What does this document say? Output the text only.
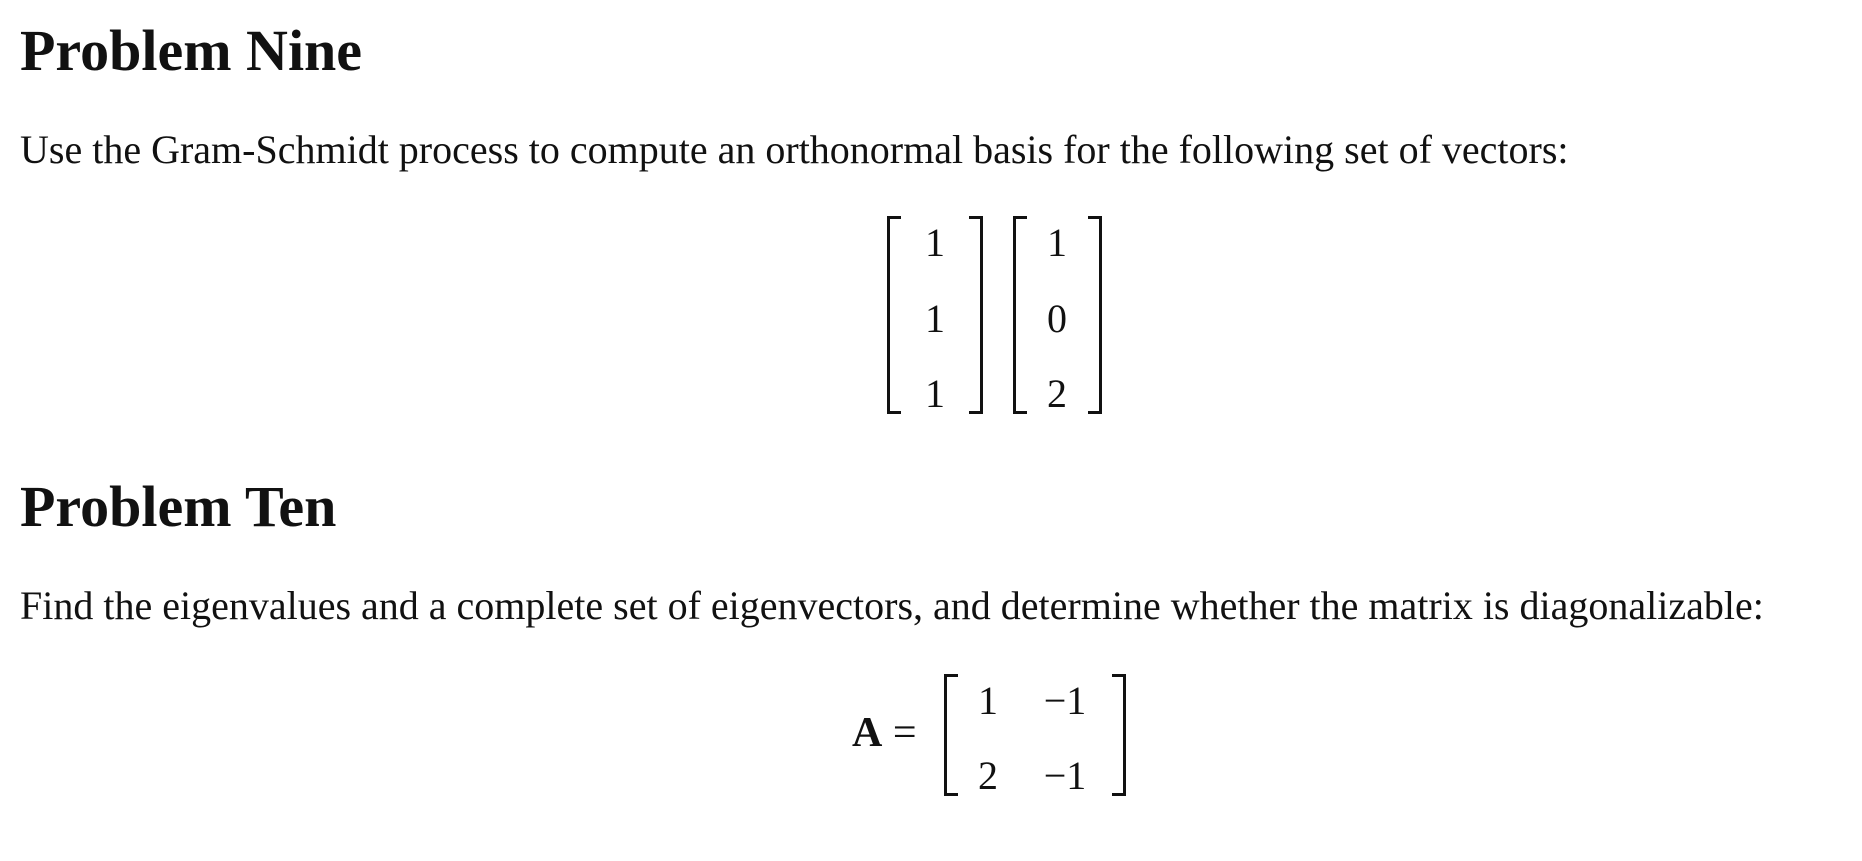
Problem Nine

Use the Gram-Schmidt process to compute an orthonormal basis for the following set of vectors:

1
1
1
1
0
2
Problem Ten

Find the eigenvalues and a complete set of eigenvectors, and determine whether the matrix is diagonalizable:

A =
1	−1
2	−1
